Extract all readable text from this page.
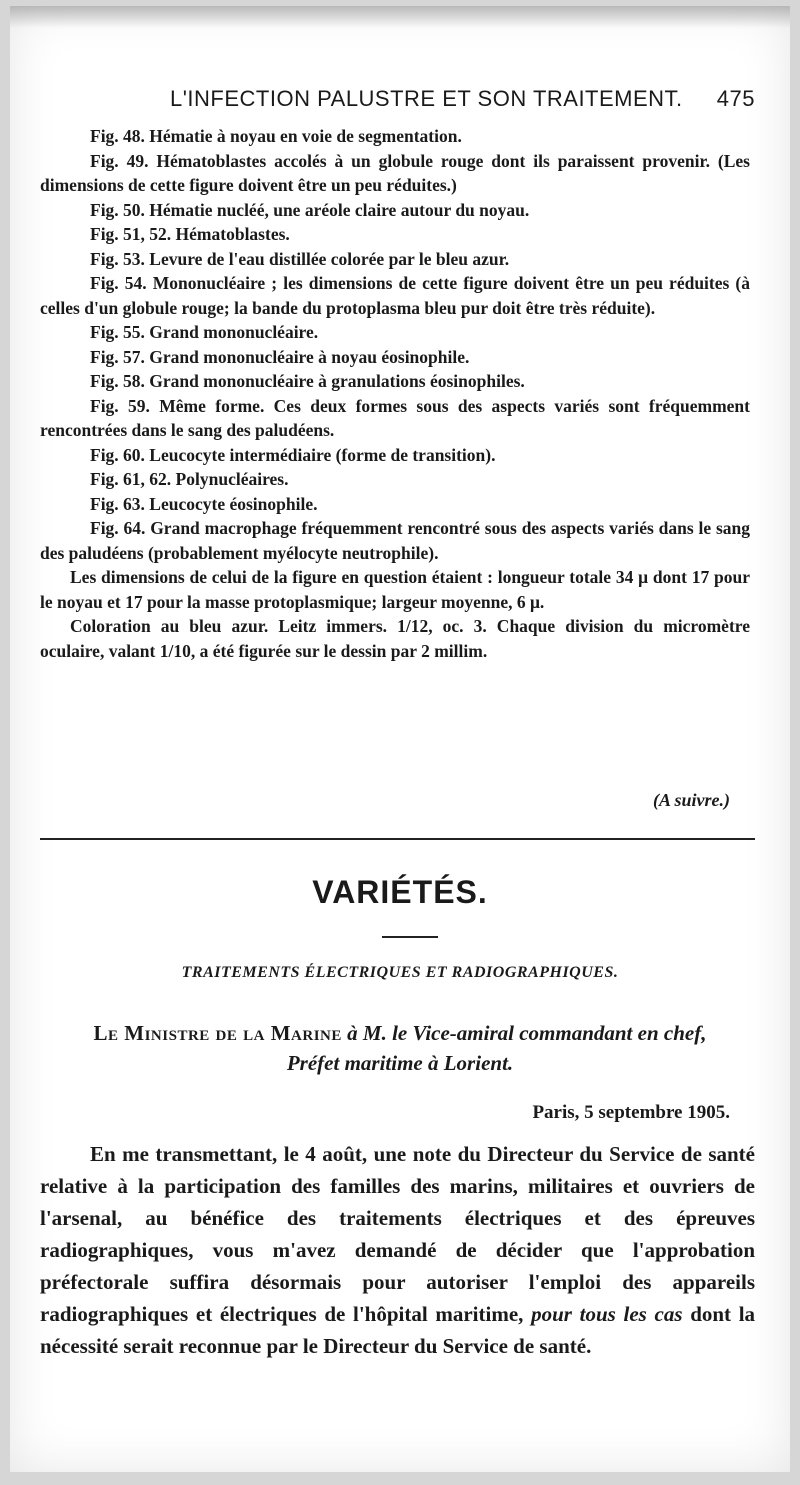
L'INFECTION PALUSTRE ET SON TRAITEMENT. 475

Fig. 48. Hématie à noyau en voie de segmentation.

Fig. 49. Hématoblastes accolés à un globule rouge dont ils paraissent provenir. (Les dimensions de cette figure doivent être un peu réduites.)

Fig. 50. Hématie nucléé, une aréole claire autour du noyau.

Fig. 51, 52. Hématoblastes.

Fig. 53. Levure de l'eau distillée colorée par le bleu azur.

Fig. 54. Mononucléaire ; les dimensions de cette figure doivent être un peu réduites (à celles d'un globule rouge; la bande du protoplasma bleu pur doit être très réduite).

Fig. 55. Grand mononucléaire.

Fig. 57. Grand mononucléaire à noyau éosinophile.

Fig. 58. Grand mononucléaire à granulations éosinophiles.

Fig. 59. Même forme. Ces deux formes sous des aspects variés sont fréquemment rencontrées dans le sang des paludéens.

Fig. 60. Leucocyte intermédiaire (forme de transition).

Fig. 61, 62. Polynucléaires.

Fig. 63. Leucocyte éosinophile.

Fig. 64. Grand macrophage fréquemment rencontré sous des aspects variés dans le sang des paludéens (probablement myélocyte neutrophile).

Les dimensions de celui de la figure en question étaient : longueur totale 34 μ dont 17 pour le noyau et 17 pour la masse protoplasmique; largeur moyenne, 6 μ.

Coloration au bleu azur. Leitz immers. 1/12, oc. 3. Chaque division du micromètre oculaire, valant 1/10, a été figurée sur le dessin par 2 millim.

(A suivre.)
VARIÉTÉS.
TRAITEMENTS ÉLECTRIQUES ET RADIOGRAPHIQUES.
Le Ministre de la Marine à M. le Vice-amiral commandant en chef,
Préfet maritime à Lorient.
Paris, 5 septembre 1905.
En me transmettant, le 4 août, une note du Directeur du Service de santé relative à la participation des familles des marins, militaires et ouvriers de l'arsenal, au bénéfice des traitements électriques et des épreuves radiographiques, vous m'avez demandé de décider que l'approbation préfectorale suffira désormais pour autoriser l'emploi des appareils radiographiques et électriques de l'hôpital maritime, pour tous les cas dont la nécessité serait reconnue par le Directeur du Service de santé.
